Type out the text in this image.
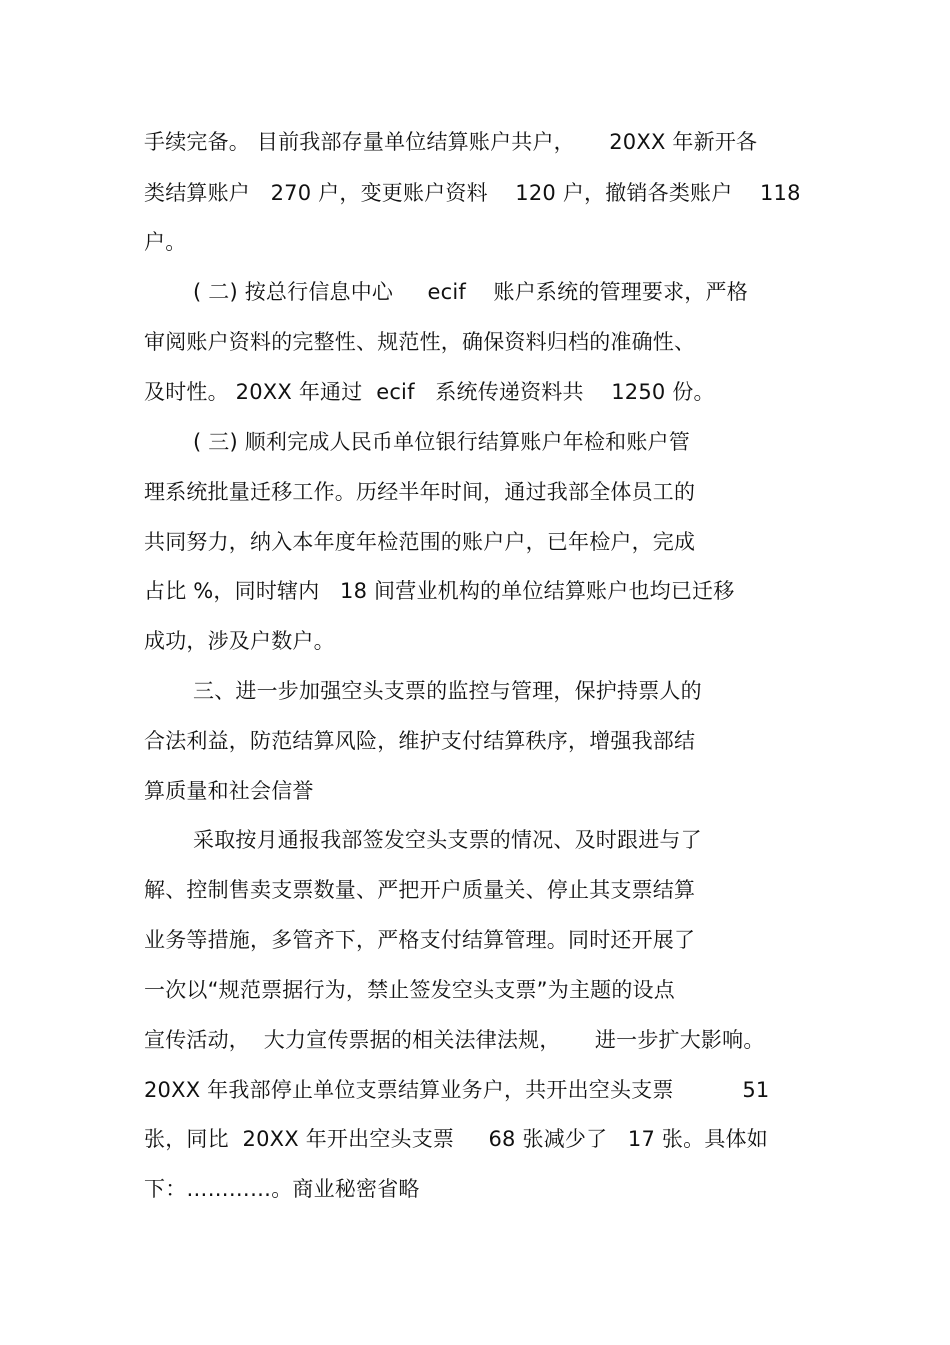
手续完备。 目前我部存量单位结算账户共户，     20XX 年新开各
类结算账户   270 户，变更账户资料    120 户，撤销各类账户    118
户。
( 二) 按总行信息中心     ecif    账户系统的管理要求，严格
审阅账户资料的完整性、规范性，确保资料归档的准确性、
及时性。 20XX 年通过  ecif   系统传递资料共    1250 份。
( 三) 顺利完成人民币单位银行结算账户年检和账户管
理系统批量迁移工作。历经半年时间，通过我部全体员工的
共同努力，纳入本年度年检范围的账户户，已年检户，完成
占比 %，同时辖内   18 间营业机构的单位结算账户也均已迁移
成功，涉及户数户。
三、进一步加强空头支票的监控与管理，保护持票人的
合法利益，防范结算风险，维护支付结算秩序，增强我部结
算质量和社会信誉
采取按月通报我部签发空头支票的情况、及时跟进与了
解、控制售卖支票数量、严把开户质量关、停止其支票结算
业务等措施，多管齐下，严格支付结算管理。同时还开展了
一次以“规范票据行为，禁止签发空头支票”为主题的设点
宣传活动，  大力宣传票据的相关法律法规，     进一步扩大影响。
20XX 年我部停止单位支票结算业务户，共开出空头支票          51
张，同比  20XX 年开出空头支票     68 张减少了   17 张。具体如
下：…………。商业秘密省略
